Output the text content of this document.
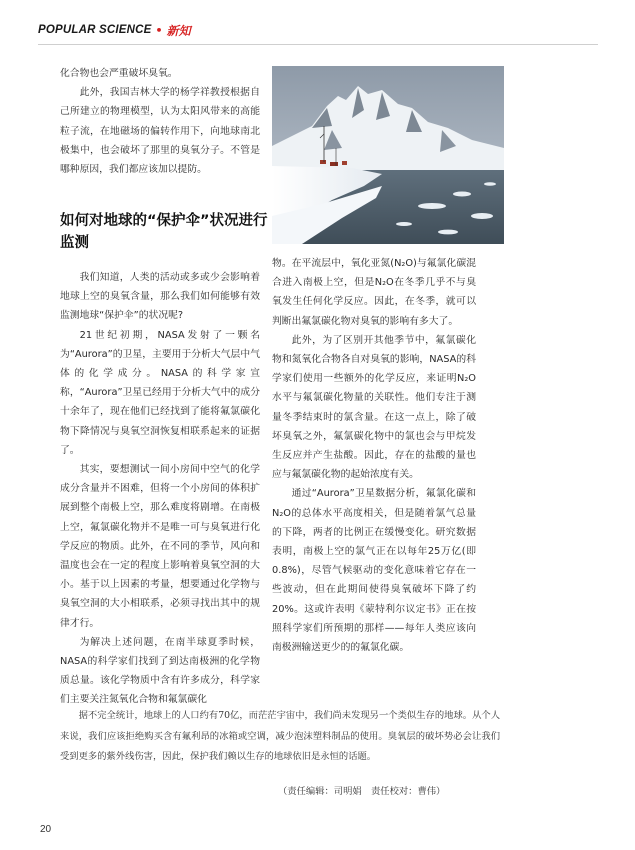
POPULAR SCIENCE • 新知

化合物也会严重破坏臭氧。

此外，我国吉林大学的杨学祥教授根据自己所建立的物理模型，认为太阳风带来的高能粒子流，在地磁场的偏转作用下，向地球南北极集中，也会破坏了那里的臭氧分子。不管是哪种原因，我们都应该加以提防。

如何对地球的“保护伞”状况进行监测

我们知道，人类的活动或多或少会影响着地球上空的臭氧含量，那么我们如何能够有效监测地球“保护伞”的状况呢?

21世纪初期，NASA发射了一颗名为“Aurora”的卫星，主要用于分析大气层中气体的化学成分。NASA的科学家宣称，“Aurora”卫星已经用于分析大气中的成分十余年了，现在他们已经找到了能将氟氯碳化物下降情况与臭氧空洞恢复相联系起来的证据了。

其实，要想测试一间小房间中空气的化学成分含量并不困难，但将一个小房间的体积扩展到整个南极上空，那么难度将剧增。在南极上空，氟氯碳化物并不是唯一可与臭氧进行化学反应的物质。此外，在不同的季节，风向和温度也会在一定的程度上影响着臭氧空洞的大小。基于以上因素的考量，想要通过化学物与臭氧空洞的大小相联系，必须寻找出其中的规律才行。

为解决上述问题，在南半球夏季时候，NASA的科学家们找到了到达南极洲的化学物质总量。该化学物质中含有许多成分，科学家们主要关注氮氧化合物和氟氯碳化

物。在平流层中，氧化亚氮(N₂O)与氟氯化碳混合进入南极上空，但是N₂O在冬季几乎不与臭氧发生任何化学反应。因此，在冬季，就可以判断出氟氯碳化物对臭氧的影响有多大了。

此外，为了区别开其他季节中，氟氯碳化物和氮氧化合物各自对臭氧的影响，NASA的科学家们使用一些额外的化学反应，来证明N₂O水平与氟氯碳化物量的关联性。他们专注于测量冬季结束时的氯含量。在这一点上，除了破坏臭氧之外，氟氯碳化物中的氯也会与甲烷发生反应并产生盐酸。因此，存在的盐酸的量也应与氟氯碳化物的起始浓度有关。

通过“Aurora”卫星数据分析，氟氯化碳和N₂O的总体水平高度相关，但是随着氯气总量的下降，两者的比例正在缓慢变化。研究数据表明，南极上空的氯气正在以每年25万亿(即0.8%)，尽管气候驱动的变化意味着它存在一些波动，但在此期间使得臭氧破坏下降了约20%。这或许表明《蒙特利尔议定书》正在按照科学家们所预期的那样——每年人类应该向南极洲输送更少的的氟氯化碳。

据不完全统计，地球上的人口约有70亿，而茫茫宇宙中，我们尚未发现另一个类似生存的地球。从个人来说，我们应该拒绝购买含有氟利昂的冰箱或空调，减少泡沫塑料制品的使用。臭氧层的破坏势必会让我们受到更多的紫外线伤害，因此，保护我们赖以生存的地球依旧是永恒的话题。

（责任编辑：司明娟　责任校对：曹伟）
20
